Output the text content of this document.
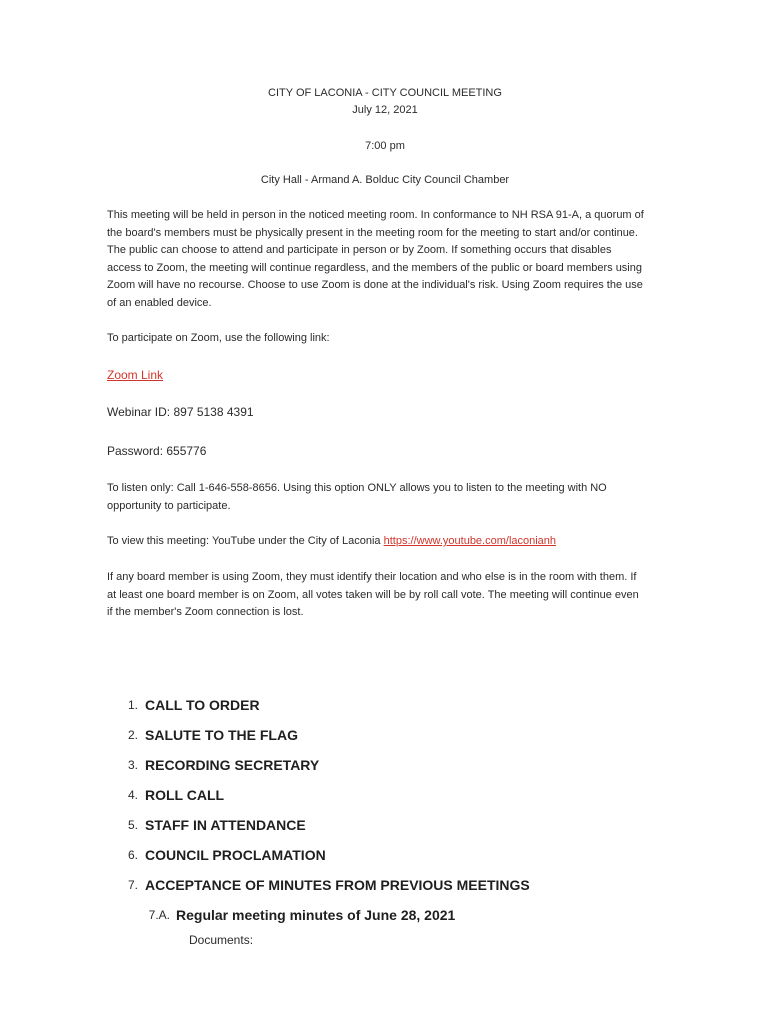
CITY OF LACONIA - CITY COUNCIL MEETING
July 12, 2021
7:00 pm
City Hall - Armand A. Bolduc City Council Chamber
This meeting will be held in person in the noticed meeting room. In conformance to NH RSA 91-A, a quorum of the board's members must be physically present in the meeting room for the meeting to start and/or continue. The public can choose to attend and participate in person or by Zoom. If something occurs that disables access to Zoom, the meeting will continue regardless, and the members of the public or board members using Zoom will have no recourse. Choose to use Zoom is done at the individual's risk. Using Zoom requires the use of an enabled device.
To participate on Zoom, use the following link:
Zoom Link
Webinar ID: 897 5138 4391
Password: 655776
To listen only: Call 1-646-558-8656. Using this option ONLY allows you to listen to the meeting with NO opportunity to participate.
To view this meeting: YouTube under the City of Laconia https://www.youtube.com/laconianh
If any board member is using Zoom, they must identify their location and who else is in the room with them. If at least one board member is on Zoom, all votes taken will be by roll call vote. The meeting will continue even if the member's Zoom connection is lost.
1. CALL TO ORDER
2. SALUTE TO THE FLAG
3. RECORDING SECRETARY
4. ROLL CALL
5. STAFF IN ATTENDANCE
6. COUNCIL PROCLAMATION
7. ACCEPTANCE OF MINUTES FROM PREVIOUS MEETINGS
7.A. Regular meeting minutes of June 28, 2021
Documents:
